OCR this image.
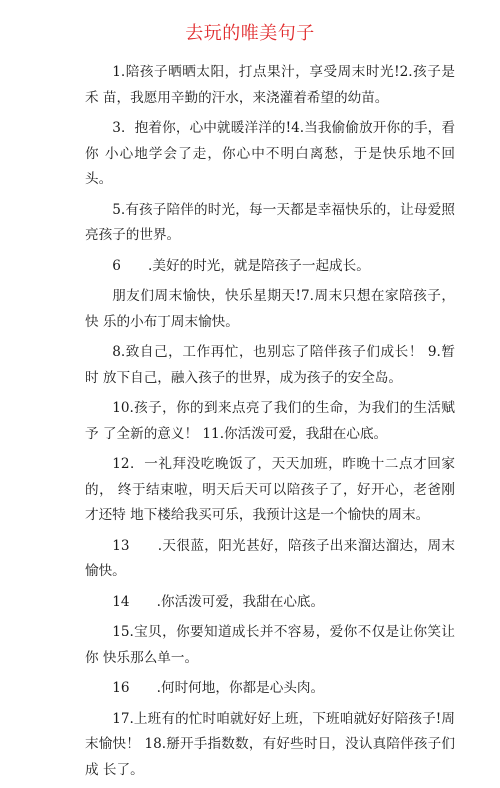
去玩的唯美句子

1.陪孩子晒晒太阳，打点果汁，享受周末时光!2.孩子是禾 苗，我愿用辛勤的汗水，来浇灌着希望的幼苗。

3．抱着你，心中就暖洋洋的!4.当我偷偷放开你的手，看你 小心地学会了走，你心中不明白离愁，于是快乐地不回头。

5.有孩子陪伴的时光，每一天都是幸福快乐的，让母爱照 亮孩子的世界。

6　　.美好的时光，就是陪孩子一起成长。

朋友们周末愉快，快乐星期天!7.周末只想在家陪孩子，快 乐的小布丁周末愉快。

8.致自己，工作再忙，也别忘了陪伴孩子们成长！ 9.暂时 放下自己，融入孩子的世界，成为孩子的安全岛。

10.孩子，你的到来点亮了我们的生命，为我们的生活赋予 了全新的意义！ 11.你活泼可爱，我甜在心底。

12．一礼拜没吃晚饭了，天天加班，昨晚十二点才回家的， 终于结束啦，明天后天可以陪孩子了，好开心，老爸刚才还特 地下楼给我买可乐，我预计这是一个愉快的周末。

13　　.天很蓝，阳光甚好，陪孩子出来溜达溜达，周末愉快。

14　　.你活泼可爱，我甜在心底。

15.宝贝，你要知道成长并不容易，爱你不仅是让你笑让你 快乐那么单一。

16　　.何时何地，你都是心头肉。

17.上班有的忙时咱就好好上班，下班咱就好好陪孩子!周 末愉快！ 18.掰开手指数数，有好些时日，没认真陪伴孩子们成 长了。
